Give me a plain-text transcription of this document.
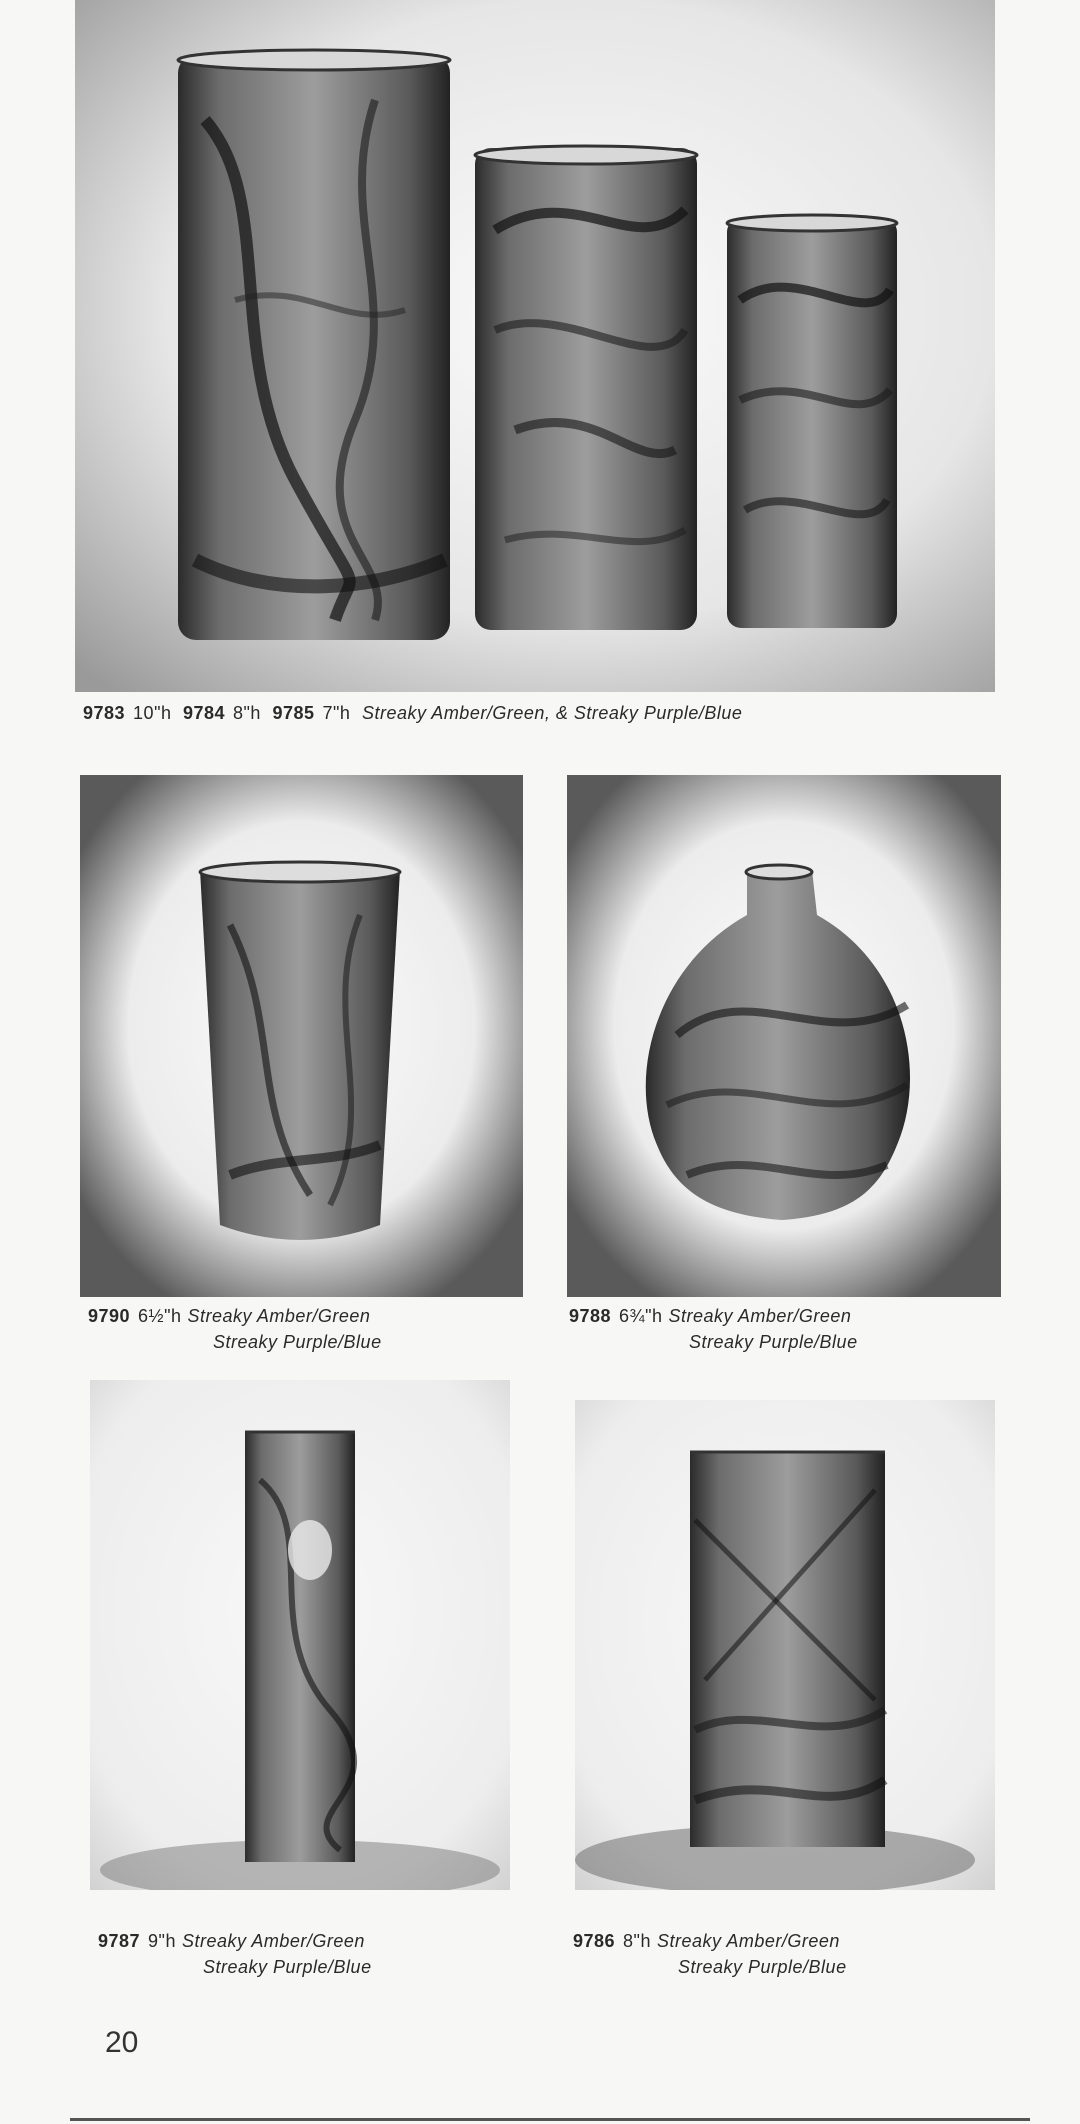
9783 10"h 9784 8"h 9785 7"h Streaky Amber/Green, & Streaky Purple/Blue
9790 6½"h Streaky Amber/Green
Streaky Purple/Blue
9788 6¾"h Streaky Amber/Green
Streaky Purple/Blue
9787 9"h Streaky Amber/Green
Streaky Purple/Blue
9786 8"h Streaky Amber/Green
Streaky Purple/Blue
20
